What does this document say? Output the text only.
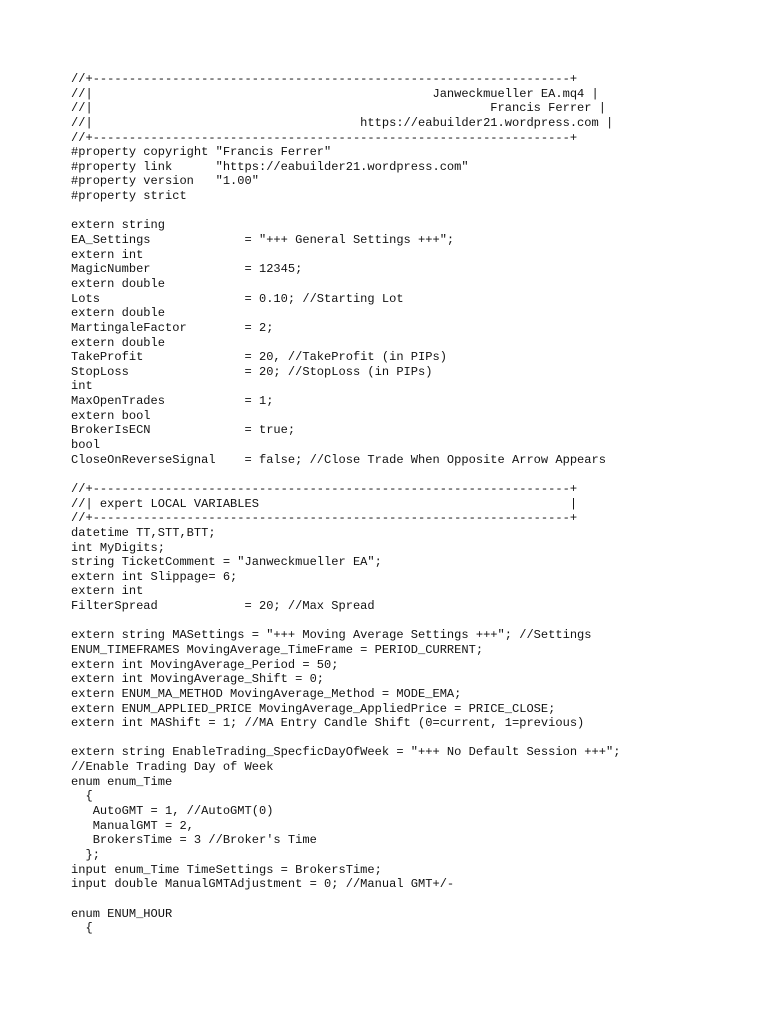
//+------------------------------------------------------------------+
//|                                               Janweckmueller EA.mq4 |
//|                                                       Francis Ferrer |
//|                                     https://eabuilder21.wordpress.com |
//+------------------------------------------------------------------+
#property copyright "Francis Ferrer"
#property link      "https://eabuilder21.wordpress.com"
#property version   "1.00"
#property strict
extern string
EA_Settings             = "+++ General Settings +++";
extern int
MagicNumber             = 12345;
extern double
Lots                    = 0.10; //Starting Lot
extern double
MartingaleFactor        = 2;
extern double
TakeProfit              = 20, //TakeProfit (in PIPs)
StopLoss                = 20; //StopLoss (in PIPs)
int
MaxOpenTrades           = 1;
extern bool
BrokerIsECN             = true;
bool
CloseOnReverseSignal    = false; //Close Trade When Opposite Arrow Appears
//+------------------------------------------------------------------+
//| expert LOCAL VARIABLES                                           |
//+------------------------------------------------------------------+
datetime TT,STT,BTT;
int MyDigits;
string TicketComment = "Janweckmueller EA";
extern int Slippage= 6;
extern int
FilterSpread            = 20; //Max Spread
extern string MASettings = "+++ Moving Average Settings +++"; //Settings
ENUM_TIMEFRAMES MovingAverage_TimeFrame = PERIOD_CURRENT;
extern int MovingAverage_Period = 50;
extern int MovingAverage_Shift = 0;
extern ENUM_MA_METHOD MovingAverage_Method = MODE_EMA;
extern ENUM_APPLIED_PRICE MovingAverage_AppliedPrice = PRICE_CLOSE;
extern int MAShift = 1; //MA Entry Candle Shift (0=current, 1=previous)
extern string EnableTrading_SpecficDayOfWeek = "+++ No Default Session +++";
//Enable Trading Day of Week
enum enum_Time
{
AutoGMT = 1, //AutoGMT(0)
ManualGMT = 2,
BrokersTime = 3 //Broker's Time
};
input enum_Time TimeSettings = BrokersTime;
input double ManualGMTAdjustment = 0; //Manual GMT+/-
enum ENUM_HOUR
{
